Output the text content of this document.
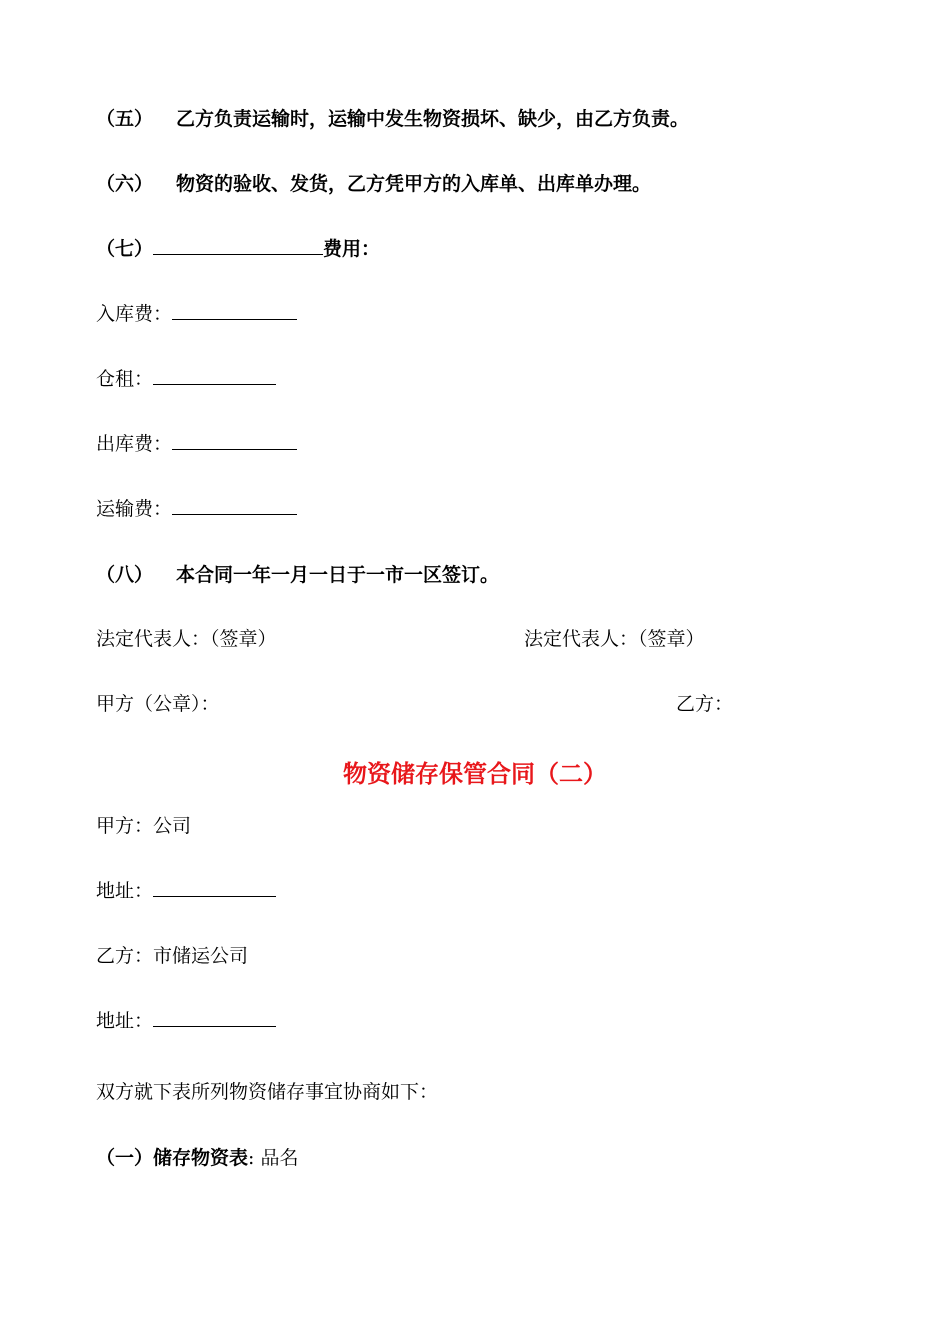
（五） 乙方负责运输时，运输中发生物资损坏、缺少，由乙方负责。
（六） 物资的验收、发货，乙方凭甲方的入库单、出库单办理。
（七）	费用：
入库费：
仓租：
出库费：
运输费：
（八） 本合同一年一月一日于一市一区签订。
法定代表人：（签章）	法定代表人：（签章）
甲方（公章）：	乙方：
物资储存保管合同（二）
甲方：公司
地址：
乙方：市储运公司
地址：
双方就下表所列物资储存事宜协商如下：
（一）储存物资表: 品名
